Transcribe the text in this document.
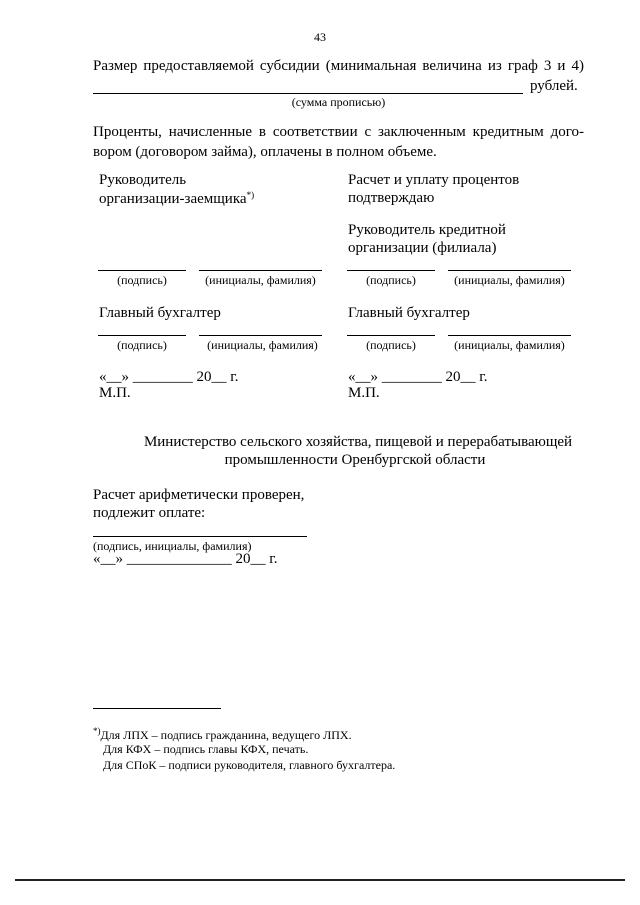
43
Размер предоставляемой субсидии (минимальная величина из граф 3 и 4)
рублей.
(сумма прописью)
Проценты, начисленные в соответствии с заключенным кредитным дого-
вором (договором займа), оплачены в полном объеме.
Руководитель
организации-заемщика*)
(подпись)	(инициалы, фамилия)
Главный бухгалтер
(подпись)	(инициалы, фамилия)
«__» ________ 20__ г.
М.П.
Расчет и уплату процентов
подтверждаю
Руководитель кредитной
организации (филиала)
(подпись)	(инициалы, фамилия)
Главный бухгалтер
(подпись)	(инициалы, фамилия)
«__» ________ 20__ г.
М.П.
Министерство сельского хозяйства, пищевой и перерабатывающей
промышленности Оренбургской области
Расчет арифметически проверен,
подлежит оплате:
(подпись, инициалы, фамилия)
«__» ______________ 20__ г.
*)Для ЛПХ – подпись гражданина, ведущего ЛПХ.
Для КФХ – подпись главы КФХ, печать.
Для СПоК – подписи руководителя, главного бухгалтера.
